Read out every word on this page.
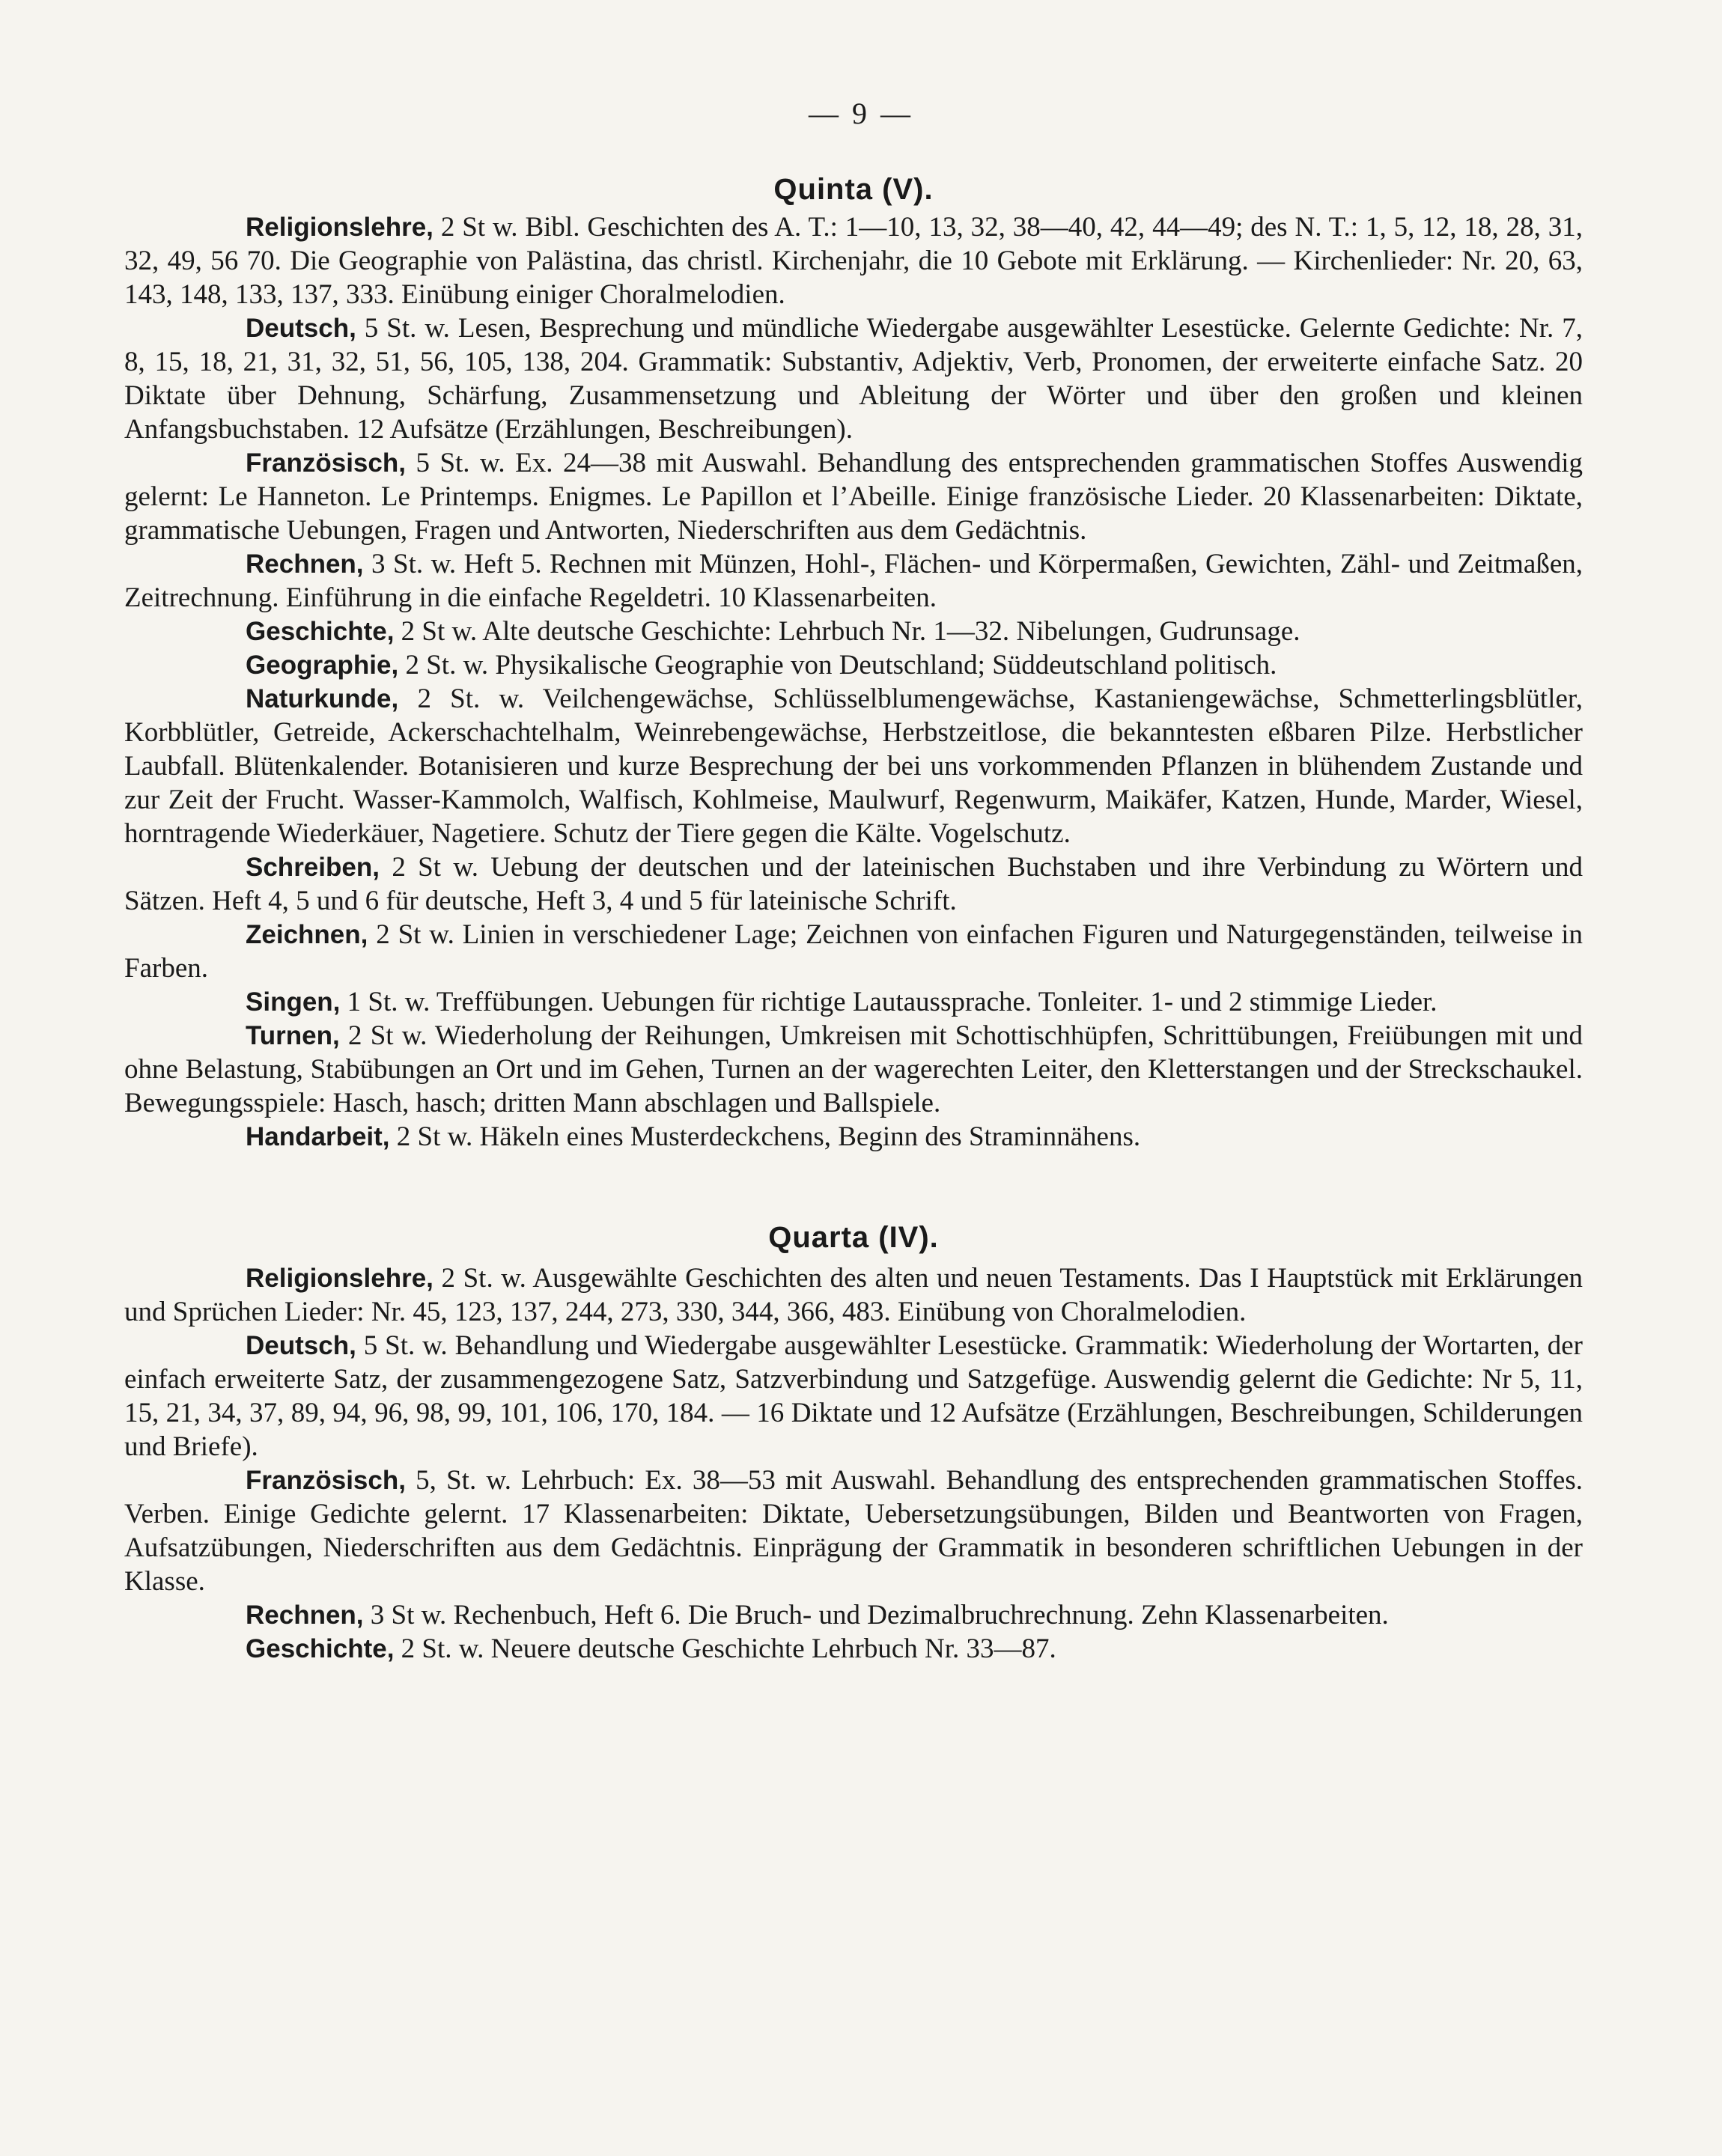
— 9 —
Quinta (V).

Religionslehre, 2 St w. Bibl. Geschichten des A. T.: 1—10, 13, 32, 38—40, 42, 44—49; des N. T.: 1, 5, 12, 18, 28, 31, 32, 49, 56 70. Die Geographie von Palästina, das christl. Kirchenjahr, die 10 Gebote mit Erklärung. — Kirchenlieder: Nr. 20, 63, 143, 148, 133, 137, 333. Einübung einiger Choralmelodien.

Deutsch, 5 St. w. Lesen, Besprechung und mündliche Wiedergabe ausgewählter Lesestücke. Gelernte Gedichte: Nr. 7, 8, 15, 18, 21, 31, 32, 51, 56, 105, 138, 204. Grammatik: Substantiv, Adjektiv, Verb, Pronomen, der erweiterte einfache Satz. 20 Diktate über Dehnung, Schärfung, Zusammensetzung und Ableitung der Wörter und über den großen und kleinen Anfangsbuchstaben. 12 Aufsätze (Erzählungen, Beschreibungen).

Französisch, 5 St. w. Ex. 24—38 mit Auswahl. Behandlung des entsprechenden grammatischen Stoffes Auswendig gelernt: Le Hanneton. Le Printemps. Enigmes. Le Papillon et l’Abeille. Einige französische Lieder. 20 Klassenarbeiten: Diktate, grammatische Uebungen, Fragen und Antworten, Niederschriften aus dem Gedächtnis.

Rechnen, 3 St. w. Heft 5. Rechnen mit Münzen, Hohl-, Flächen- und Körpermaßen, Gewichten, Zähl- und Zeitmaßen, Zeitrechnung. Einführung in die einfache Regeldetri. 10 Klassenarbeiten.

Geschichte, 2 St w. Alte deutsche Geschichte: Lehrbuch Nr. 1—32. Nibelungen, Gudrunsage.

Geographie, 2 St. w. Physikalische Geographie von Deutschland; Süddeutschland politisch.

Naturkunde, 2 St. w. Veilchengewächse, Schlüsselblumengewächse, Kastaniengewächse, Schmetterlingsblütler, Korbblütler, Getreide, Ackerschachtelhalm, Weinrebengewächse, Herbstzeitlose, die bekanntesten eßbaren Pilze. Herbstlicher Laubfall. Blütenkalender. Botanisieren und kurze Besprechung der bei uns vorkommenden Pflanzen in blühendem Zustande und zur Zeit der Frucht. Wasser-Kammolch, Walfisch, Kohlmeise, Maulwurf, Regenwurm, Maikäfer, Katzen, Hunde, Marder, Wiesel, horntragende Wiederkäuer, Nagetiere. Schutz der Tiere gegen die Kälte. Vogelschutz.

Schreiben, 2 St w. Uebung der deutschen und der lateinischen Buchstaben und ihre Verbindung zu Wörtern und Sätzen. Heft 4, 5 und 6 für deutsche, Heft 3, 4 und 5 für lateinische Schrift.

Zeichnen, 2 St w. Linien in verschiedener Lage; Zeichnen von einfachen Figuren und Naturgegenständen, teilweise in Farben.

Singen, 1 St. w. Treffübungen. Uebungen für richtige Lautaussprache. Tonleiter. 1- und 2 stimmige Lieder.

Turnen, 2 St w. Wiederholung der Reihungen, Umkreisen mit Schottischhüpfen, Schrittübungen, Freiübungen mit und ohne Belastung, Stabübungen an Ort und im Gehen, Turnen an der wagerechten Leiter, den Kletterstangen und der Streckschaukel. Bewegungsspiele: Hasch, hasch; dritten Mann abschlagen und Ballspiele.

Handarbeit, 2 St w. Häkeln eines Musterdeckchens, Beginn des Straminnähens.

Quarta (IV).

Religionslehre, 2 St. w. Ausgewählte Geschichten des alten und neuen Testaments. Das I Hauptstück mit Erklärungen und Sprüchen Lieder: Nr. 45, 123, 137, 244, 273, 330, 344, 366, 483. Einübung von Choralmelodien.

Deutsch, 5 St. w. Behandlung und Wiedergabe ausgewählter Lesestücke. Grammatik: Wiederholung der Wortarten, der einfach erweiterte Satz, der zusammengezogene Satz, Satzverbindung und Satzgefüge. Auswendig gelernt die Gedichte: Nr 5, 11, 15, 21, 34, 37, 89, 94, 96, 98, 99, 101, 106, 170, 184. — 16 Diktate und 12 Aufsätze (Erzählungen, Beschreibungen, Schilderungen und Briefe).

Französisch, 5, St. w. Lehrbuch: Ex. 38—53 mit Auswahl. Behandlung des entsprechenden grammatischen Stoffes. Verben. Einige Gedichte gelernt. 17 Klassenarbeiten: Diktate, Uebersetzungsübungen, Bilden und Beantworten von Fragen, Aufsatzübungen, Niederschriften aus dem Gedächtnis. Einprägung der Grammatik in besonderen schriftlichen Uebungen in der Klasse.

Rechnen, 3 St w. Rechenbuch, Heft 6. Die Bruch- und Dezimalbruchrechnung. Zehn Klassenarbeiten.

Geschichte, 2 St. w. Neuere deutsche Geschichte Lehrbuch Nr. 33—87.
